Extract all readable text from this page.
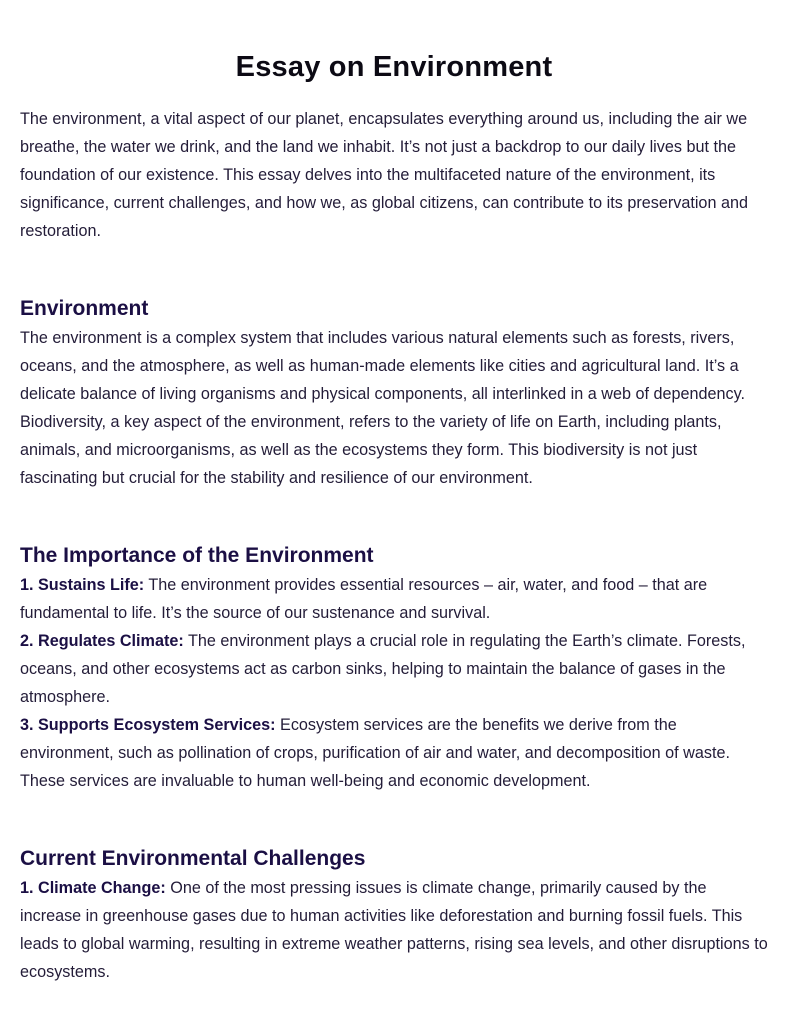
Essay on Environment

The environment, a vital aspect of our planet, encapsulates everything around us, including the air we breathe, the water we drink, and the land we inhabit. It’s not just a backdrop to our daily lives but the foundation of our existence. This essay delves into the multifaceted nature of the environment, its significance, current challenges, and how we, as global citizens, can contribute to its preservation and restoration.

Environment

The environment is a complex system that includes various natural elements such as forests, rivers, oceans, and the atmosphere, as well as human-made elements like cities and agricultural land. It’s a delicate balance of living organisms and physical components, all interlinked in a web of dependency. Biodiversity, a key aspect of the environment, refers to the variety of life on Earth, including plants, animals, and microorganisms, as well as the ecosystems they form. This biodiversity is not just fascinating but crucial for the stability and resilience of our environment.

The Importance of the Environment

1. Sustains Life: The environment provides essential resources – air, water, and food – that are fundamental to life. It’s the source of our sustenance and survival.

2. Regulates Climate: The environment plays a crucial role in regulating the Earth’s climate. Forests, oceans, and other ecosystems act as carbon sinks, helping to maintain the balance of gases in the atmosphere.

3. Supports Ecosystem Services: Ecosystem services are the benefits we derive from the environment, such as pollination of crops, purification of air and water, and decomposition of waste. These services are invaluable to human well-being and economic development.

Current Environmental Challenges

1. Climate Change: One of the most pressing issues is climate change, primarily caused by the increase in greenhouse gases due to human activities like deforestation and burning fossil fuels. This leads to global warming, resulting in extreme weather patterns, rising sea levels, and other disruptions to ecosystems.
